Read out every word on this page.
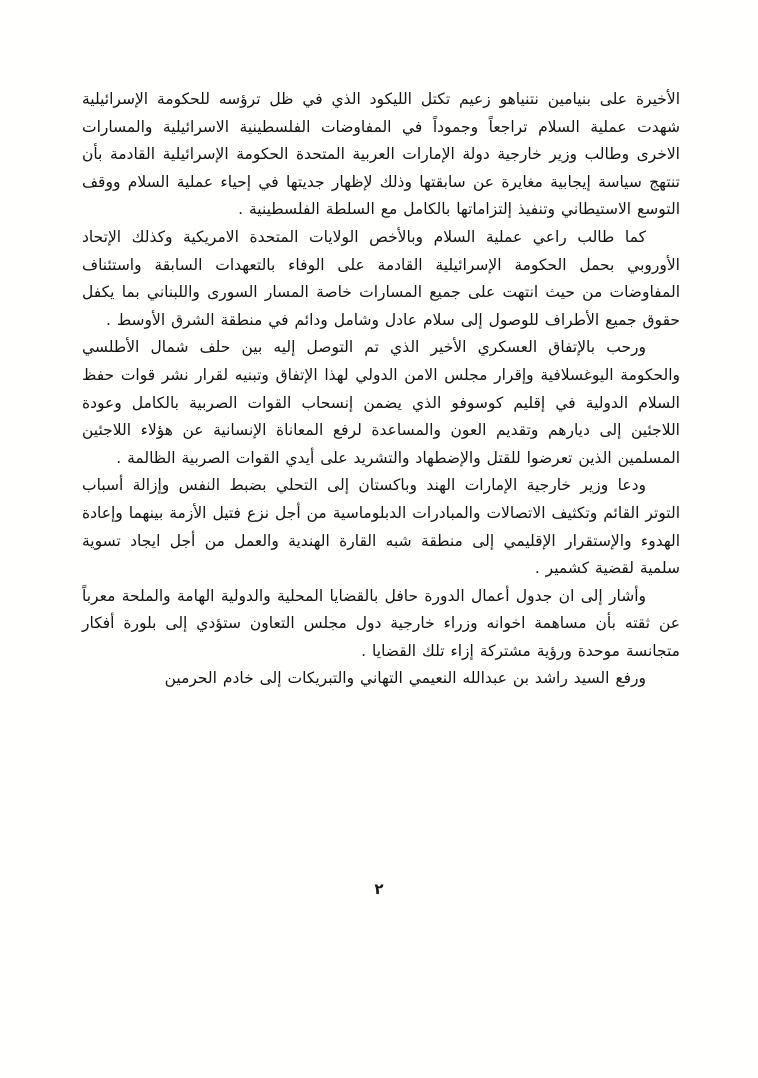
الأخيرة على بنيامين نتنياهو زعيم تكتل الليكود الذي في ظل ترؤسه للحكومة الإسرائيلية شهدت عملية السلام تراجعاً وجموداً في المفاوضات الفلسطينية الاسرائيلية والمسارات الاخرى وطالب وزير خارجية دولة الإمارات العربية المتحدة الحكومة الإسرائيلية القادمة بأن تنتهج سياسة إيجابية مغايرة عن سابقتها وذلك لإظهار جديتها في إحياء عملية السلام ووقف التوسع الاستيطاني وتنفيذ إلتزاماتها بالكامل مع السلطة الفلسطينية .

كما طالب راعي عملية السلام وبالأخص الولايات المتحدة الامريكية وكذلك الإتحاد الأوروبي بحمل الحكومة الإسرائيلية القادمة على الوفاء بالتعهدات السابقة واستئناف المفاوضات من حيث انتهت على جميع المسارات خاصة المسار السورى واللبناني بما يكفل حقوق جميع الأطراف للوصول إلى سلام عادل وشامل ودائم في منطقة الشرق الأوسط .

ورحب بالإتفاق العسكري الأخير الذي تم التوصل إليه بين حلف شمال الأطلسي والحكومة اليوغسلافية وإقرار مجلس الامن الدولي لهذا الإتفاق وتبنيه لقرار نشر قوات حفظ السلام الدولية في إقليم كوسوفو الذي يضمن إنسحاب القوات الصربية بالكامل وعودة اللاجئين إلى ديارهم وتقديم العون والمساعدة لرفع المعاناة الإنسانية عن هؤلاء اللاجئين المسلمين الذين تعرضوا للقتل والإضطهاد والتشريد على أيدي القوات الصربية الظالمة .

ودعا وزير خارجية الإمارات الهند وباكستان إلى التحلي بضبط النفس وإزالة أسباب التوتر القائم وتكثيف الاتصالات والمبادرات الدبلوماسية من أجل نزع فتيل الأزمة بينهما وإعادة الهدوء والإستقرار الإقليمي إلى منطقة شبه القارة الهندية والعمل من أجل ايجاد تسوية سلمية لقضية كشمير .

وأشار إلى ان جدول أعمال الدورة حافل بالقضايا المحلية والدولية الهامة والملحة معرباً عن ثقته بأن مساهمة اخوانه وزراء خارجية دول مجلس التعاون ستؤدي إلى بلورة أفكار متجانسة موحدة ورؤية مشتركة إزاء تلك القضايا .

ورفع السيد راشد بن عبدالله النعيمي التهاني والتبريكات إلى خادم الحرمين

٢
